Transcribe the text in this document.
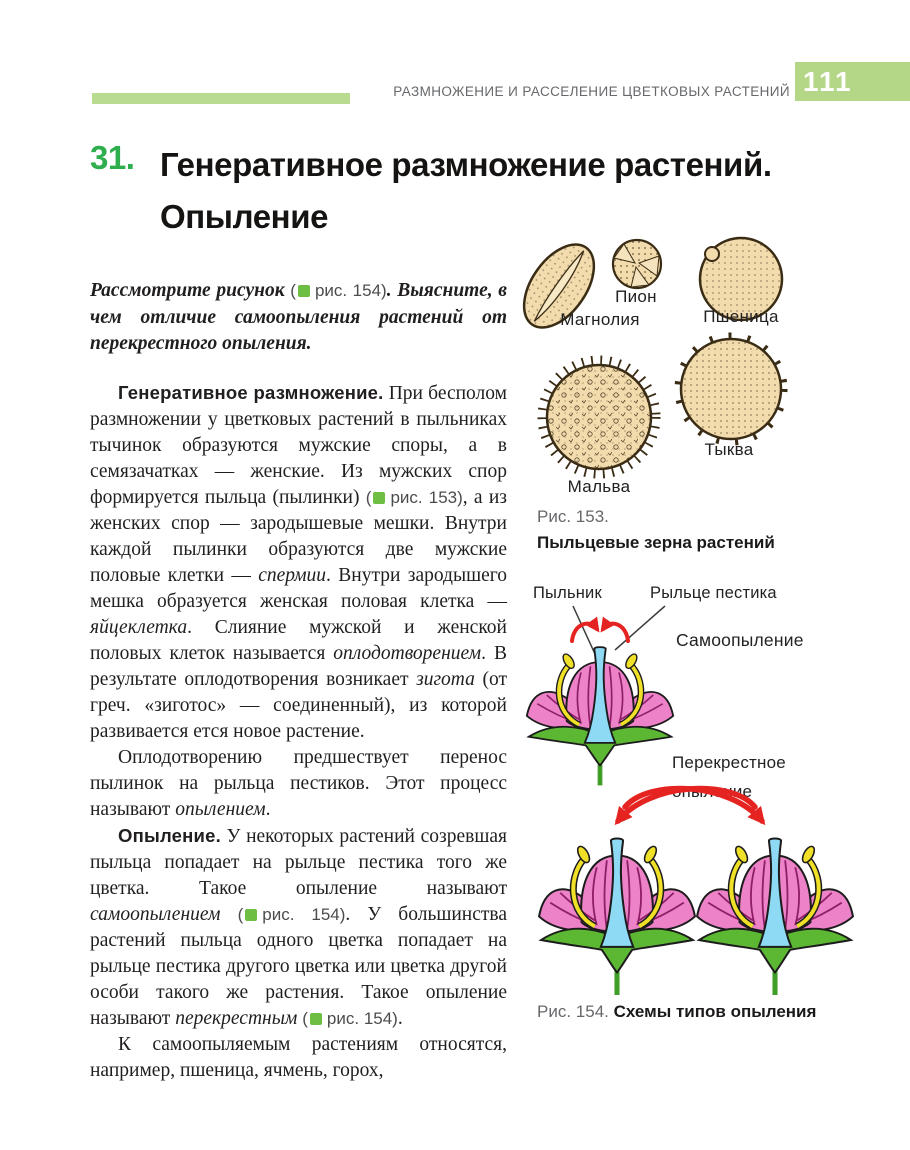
РАЗМНОЖЕНИЕ И РАССЕЛЕНИЕ ЦВЕТКОВЫХ РАСТЕНИЙ 111
31. Генеративное размножение растений.
Опыление

Рассмотрите рисунок ( рис. 154). Выясните, в чем отличие самоопыления растений от перекрестного опыления.

Генеративное размножение. При бесполом размножении у цветковых растений в пыльниках тычинок образуются мужские споры, а в семязачатках — женские. Из мужских спор формируется пыльца (пылинки) ( рис. 153), а из женских спор — зародышевые мешки. Внутри каждой пылинки образуются две мужские половые клетки — спермии. Внутри зародышего мешка образуется женская половая клетка — яйцеклетка. Слияние мужской и женской половых клеток называется оплодотворением. В результате оплодотворения возникает зигота (от греч. «зиготос» — соединенный), из которой развивается ется новое растение.

Оплодотворению предшествует перенос пылинок на рыльца пестиков. Этот процесс называют опылением.

Опыление. У некоторых растений созревшая пыльца попадает на рыльце пестика того же цветка. Такое опыление называют самоопылением ( рис. 154). У большинства растений пыльца одного цветка попадает на рыльце пестика другого цветка или цветка другой особи такого же растения. Такое опыление называют перекрестным ( рис. 154).

К самоопыляемым растениям относятся, например, пшеница, ячмень, горох,

Магнолия
Пион
Пшеница
Мальва
Тыква
Рис. 153.
Пыльцевые зерна растений
Пыльник	Рыльце пестика
Самоопыление
Перекрестное
опыление
Рис. 154. Схемы типов опыления
